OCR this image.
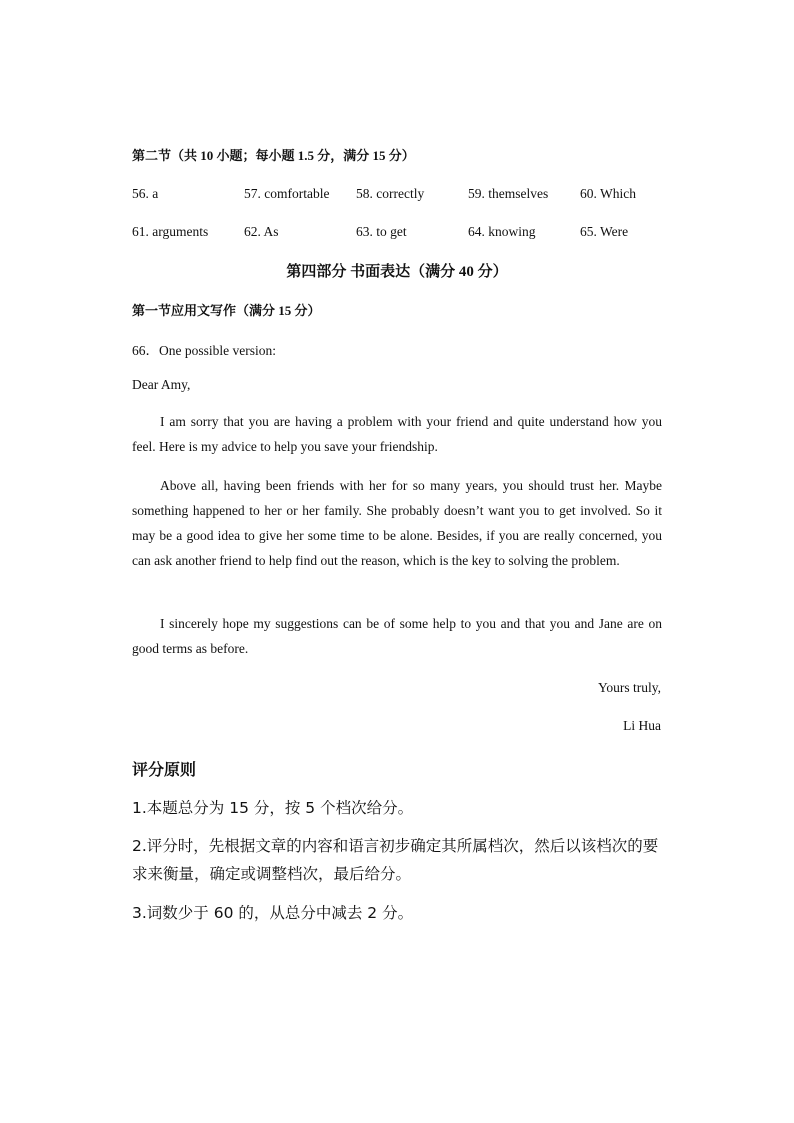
第二节（共 10 小题；每小题 1.5 分，满分 15 分）
56. a	57. comfortable	58. correctly	59. themselves	60. Which
61. arguments	62. As	63. to get	64. knowing	65. Were
第四部分 书面表达（满分 40 分）
第一节应用文写作（满分 15 分）
66．One possible version:
Dear Amy,

I am sorry that you are having a problem with your friend and quite understand how you feel. Here is my advice to help you save your friendship.

Above all, having been friends with her for so many years, you should trust her. Maybe something happened to her or her family. She probably doesn’t want you to get involved. So it may be a good idea to give her some time to be alone. Besides, if you are really concerned, you can ask another friend to help find out the reason, which is the key to solving the problem.

I sincerely hope my suggestions can be of some help to you and that you and Jane are on good terms as before.

Yours truly,
Li Hua
评分原则

1.本题总分为 15 分，按 5 个档次给分。

2.评分时，先根据文章的内容和语言初步确定其所属档次，然后以该档次的要求来衡量，确定或调整档次，最后给分。

3.词数少于 60 的，从总分中减去 2 分。
